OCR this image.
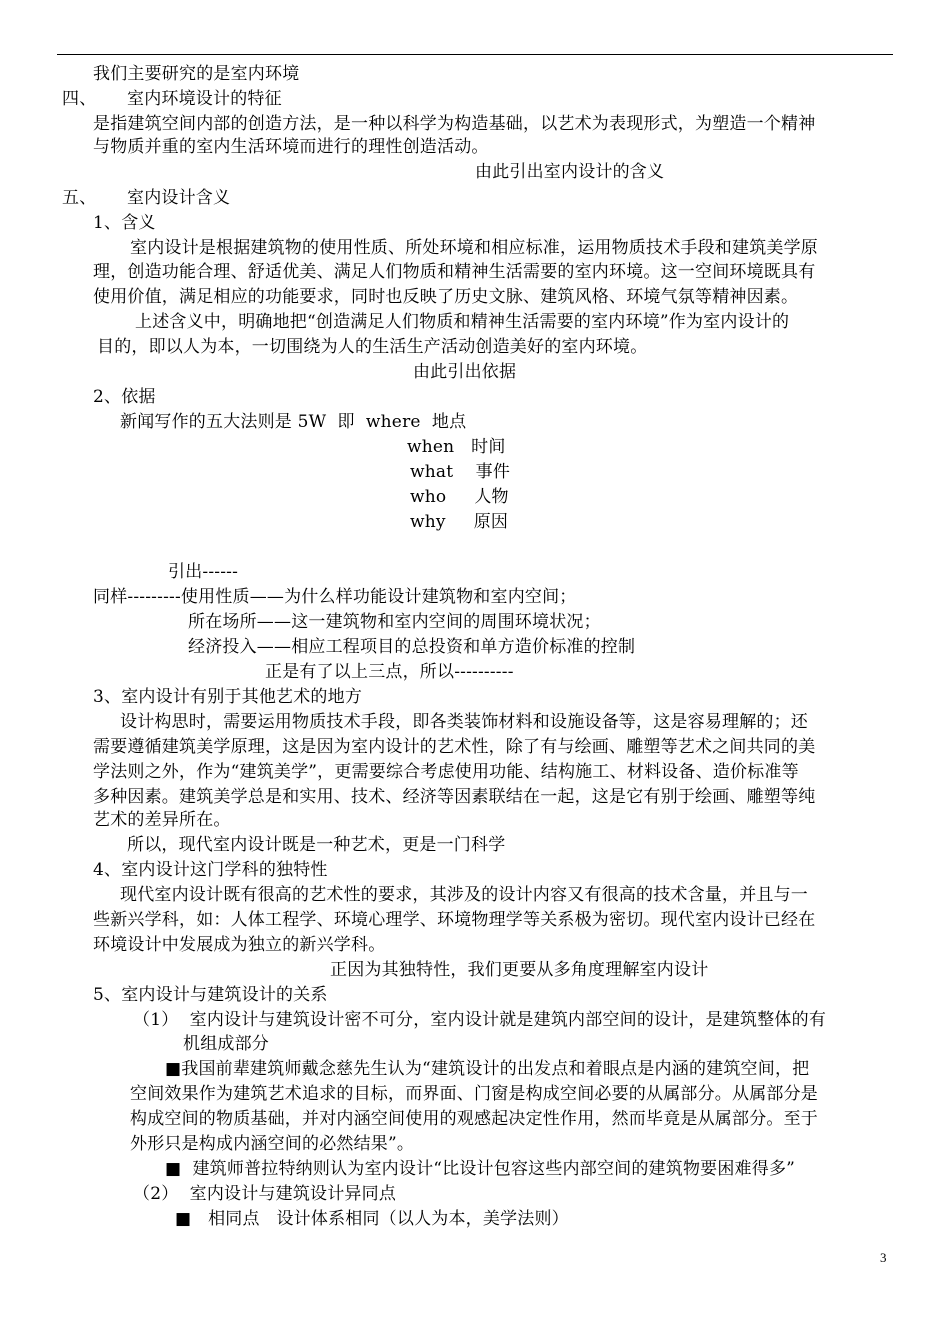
我们主要研究的是室内环境
四、 室内环境设计的特征
是指建筑空间内部的创造方法，是一种以科学为构造基础，以艺术为表现形式，为塑造一个精神
与物质并重的室内生活环境而进行的理性创造活动。
由此引出室内设计的含义
五、 室内设计含义
1、含义
室内设计是根据建筑物的使用性质、所处环境和相应标准，运用物质技术手段和建筑美学原
理，创造功能合理、舒适优美、满足人们物质和精神生活需要的室内环境。这一空间环境既具有
使用价值，满足相应的功能要求，同时也反映了历史文脉、建筑风格、环境气氛等精神因素。
上述含义中，明确地把“创造满足人们物质和精神生活需要的室内环境”作为室内设计的
目的，即以人为本，一切围绕为人的生活生产活动创造美好的室内环境。
由此引出依据
2、依据
新闻写作的五大法则是 5W  即  where  地点
when   时间
what    事件
who     人物
why     原因
引出------
同样---------使用性质——为什么样功能设计建筑物和室内空间；
所在场所——这一建筑物和室内空间的周围环境状况；
经济投入——相应工程项目的总投资和单方造价标准的控制
正是有了以上三点，所以----------
3、室内设计有别于其他艺术的地方
设计构思时，需要运用物质技术手段，即各类装饰材料和设施设备等，这是容易理解的；还
需要遵循建筑美学原理，这是因为室内设计的艺术性，除了有与绘画、雕塑等艺术之间共同的美
学法则之外，作为“建筑美学”，更需要综合考虑使用功能、结构施工、材料设备、造价标准等
多种因素。建筑美学总是和实用、技术、经济等因素联结在一起，这是它有别于绘画、雕塑等纯
艺术的差异所在。
所以，现代室内设计既是一种艺术，更是一门科学
4、室内设计这门学科的独特性
现代室内设计既有很高的艺术性的要求，其涉及的设计内容又有很高的技术含量，并且与一
些新兴学科，如：人体工程学、环境心理学、环境物理学等关系极为密切。现代室内设计已经在
环境设计中发展成为独立的新兴学科。
正因为其独特性，我们更要从多角度理解室内设计
5、室内设计与建筑设计的关系
（1）  室内设计与建筑设计密不可分，室内设计就是建筑内部空间的设计，是建筑整体的有
机组成部分
■我国前辈建筑师戴念慈先生认为“建筑设计的出发点和着眼点是内涵的建筑空间，把
空间效果作为建筑艺术追求的目标，而界面、门窗是构成空间必要的从属部分。从属部分是
构成空间的物质基础，并对内涵空间使用的观感起决定性作用，然而毕竟是从属部分。至于
外形只是构成内涵空间的必然结果”。
■  建筑师普拉特纳则认为室内设计“比设计包容这些内部空间的建筑物要困难得多”
（2）  室内设计与建筑设计异同点
■   相同点   设计体系相同（以人为本，美学法则）
3
